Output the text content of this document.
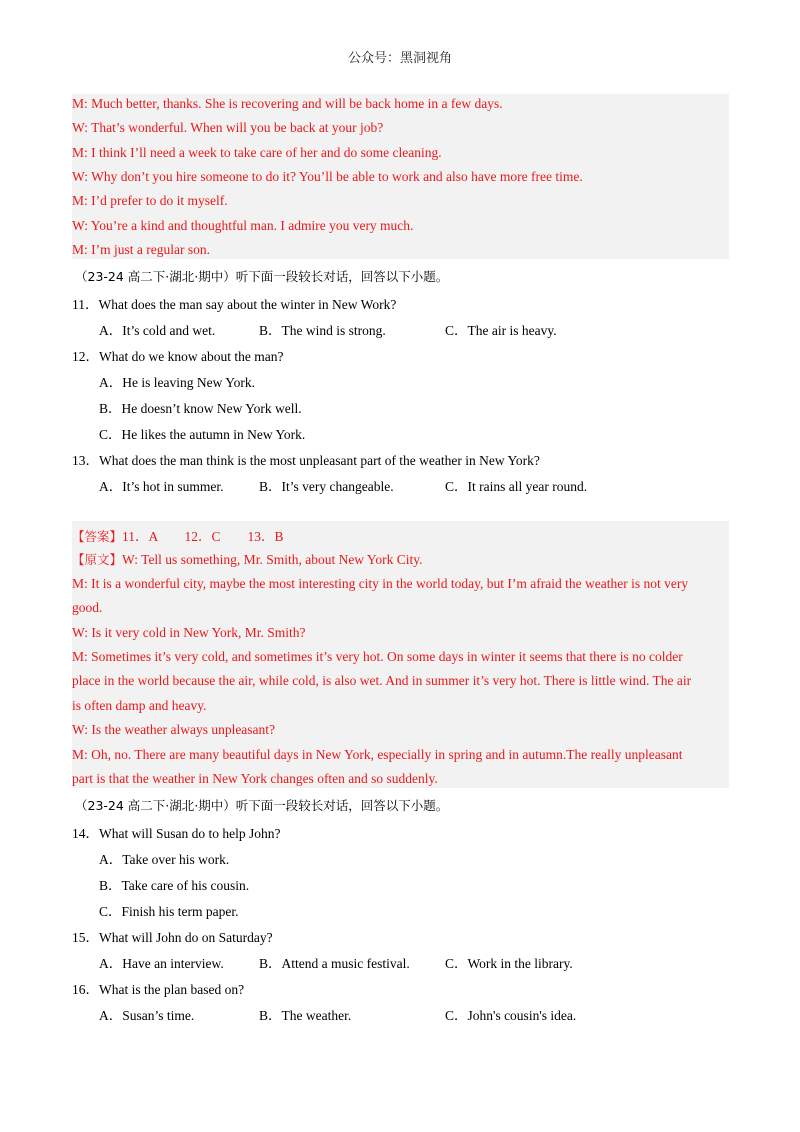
公众号：黑洞视角
M: Much better, thanks. She is recovering and will be back home in a few days.
W: That’s wonderful. When will you be back at your job?
M: I think I’ll need a week to take care of her and do some cleaning.
W: Why don’t you hire someone to do it? You’ll be able to work and also have more free time.
M: I’d prefer to do it myself.
W: You’re a kind and thoughtful man. I admire you very much.
M: I’m just a regular son.
（23-24 高二下·湖北·期中）听下面一段较长对话，回答以下小题。
11．What does the man say about the winter in New Work?
A．It’s cold and wet.	B．The wind is strong.	C．The air is heavy.
12．What do we know about the man?
A．He is leaving New York.
B．He doesn’t know New York well.
C．He likes the autumn in New York.
13．What does the man think is the most unpleasant part of the weather in New York?
A．It’s hot in summer.	B．It’s very changeable.	C．It rains all year round.
【答案】11．A　　12．C　　13．B
【原文】W: Tell us something, Mr. Smith, about New York City.
M: It is a wonderful city, maybe the most interesting city in the world today, but I’m afraid the weather is not very
good.
W: Is it very cold in New York, Mr. Smith?
M: Sometimes it’s very cold, and sometimes it’s very hot. On some days in winter it seems that there is no colder
place in the world because the air, while cold, is also wet. And in summer it’s very hot. There is little wind. The air
is often damp and heavy.
W: Is the weather always unpleasant?
M: Oh, no. There are many beautiful days in New York, especially in spring and in autumn.The really unpleasant
part is that the weather in New York changes often and so suddenly.
（23-24 高二下·湖北·期中）听下面一段较长对话，回答以下小题。
14．What will Susan do to help John?
A．Take over his work.
B．Take care of his cousin.
C．Finish his term paper.
15．What will John do on Saturday?
A．Have an interview.	B．Attend a music festival.	C．Work in the library.
16．What is the plan based on?
A．Susan’s time.	B．The weather.	C．John's cousin's idea.
